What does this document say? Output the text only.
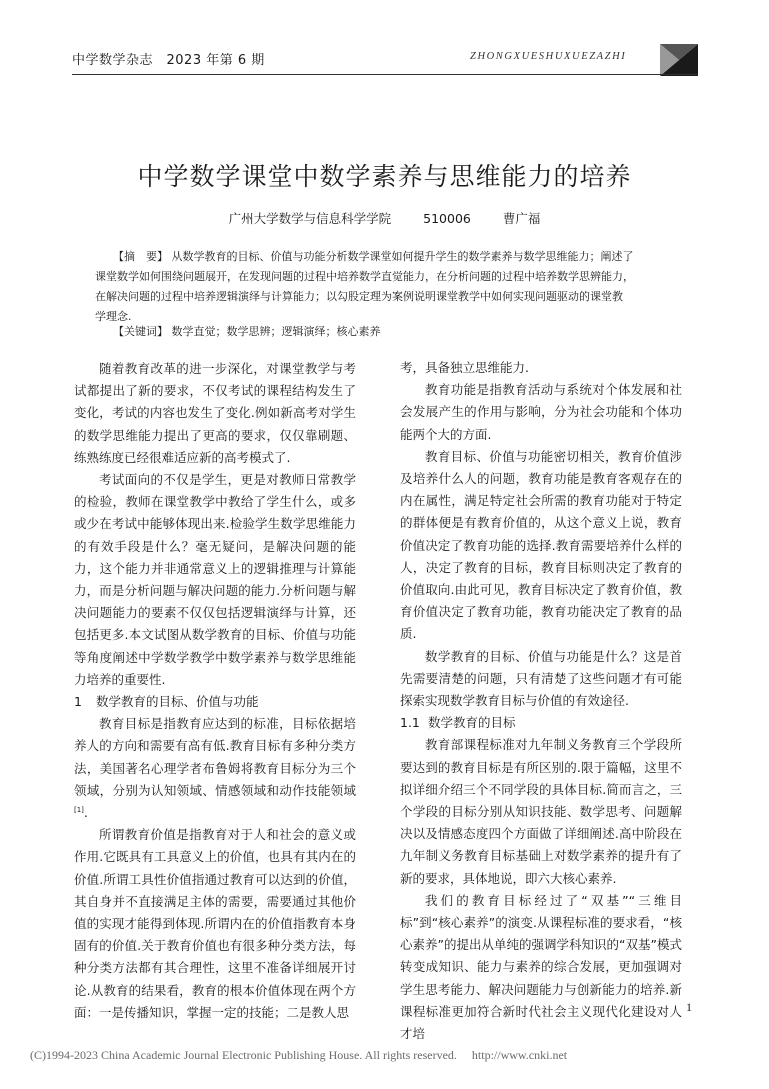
中学数学杂志　2023 年第 6 期	ZHONGXUESHUXUEZAZHI
中学数学课堂中数学素养与思维能力的培养
广州大学数学与信息科学学院	510006	曹广福
【摘　要】 从数学教育的目标、价值与功能分析数学课堂如何提升学生的数学素养与数学思维能力；阐述了
课堂数学如何围绕问题展开，在发现问题的过程中培养数学直觉能力，在分析问题的过程中培养数学思辨能力，
在解决问题的过程中培养逻辑演绎与计算能力；以勾股定理为案例说明课堂教学中如何实现问题驱动的课堂教
学理念.
【关键词】 数学直觉；数学思辨；逻辑演绎；核心素养

随着教育改革的进一步深化，对课堂教学与考试都提出了新的要求，不仅考试的课程结构发生了变化，考试的内容也发生了变化.例如新高考对学生的数学思维能力提出了更高的要求，仅仅靠刷题、练熟练度已经很难适应新的高考模式了.

考试面向的不仅是学生，更是对教师日常教学的检验，教师在课堂教学中教给了学生什么，或多或少在考试中能够体现出来.检验学生数学思维能力的有效手段是什么？毫无疑问，是解决问题的能力，这个能力并非通常意义上的逻辑推理与计算能力，而是分析问题与解决问题的能力.分析问题与解决问题能力的要素不仅仅包括逻辑演绎与计算，还包括更多.本文试图从数学教育的目标、价值与功能等角度阐述中学数学教学中数学素养与数学思维能力培养的重要性.

1 数学教育的目标、价值与功能

教育目标是指教育应达到的标准，目标依据培养人的方向和需要有高有低.教育目标有多种分类方法，美国著名心理学者布鲁姆将教育目标分为三个领域，分别为认知领域、情感领域和动作技能领域[1].

所谓教育价值是指教育对于人和社会的意义或作用.它既具有工具意义上的价值，也具有其内在的价值.所谓工具性价值指通过教育可以达到的价值，其自身并不直接满足主体的需要，需要通过其他价值的实现才能得到体现.所谓内在的价值指教育本身固有的价值.关于教育价值也有很多种分类方法，每种分类方法都有其合理性，这里不准备详细展开讨论.从教育的结果看，教育的根本价值体现在两个方面：一是传播知识，掌握一定的技能；二是教人思

考，具备独立思维能力.

教育功能是指教育活动与系统对个体发展和社会发展产生的作用与影响，分为社会功能和个体功能两个大的方面.

教育目标、价值与功能密切相关，教育价值涉及培养什么人的问题，教育功能是教育客观存在的内在属性，满足特定社会所需的教育功能对于特定的群体便是有教育价值的，从这个意义上说，教育价值决定了教育功能的选择.教育需要培养什么样的人，决定了教育的目标，教育目标则决定了教育的价值取向.由此可见，教育目标决定了教育价值，教育价值决定了教育功能，教育功能决定了教育的品质.

数学教育的目标、价值与功能是什么？这是首先需要清楚的问题，只有清楚了这些问题才有可能探索实现数学教育目标与价值的有效途径.

1.1 数学教育的目标

教育部课程标准对九年制义务教育三个学段所要达到的教育目标是有所区别的.限于篇幅，这里不拟详细介绍三个不同学段的具体目标.简而言之，三个学段的目标分别从知识技能、数学思考、问题解决以及情感态度四个方面做了详细阐述.高中阶段在九年制义务教育目标基础上对数学素养的提升有了新的要求，具体地说，即六大核心素养.

我们的教育目标经过了“双基”“三维目标”到“核心素养”的演变.从课程标准的要求看，“核心素养”的提出从单纯的强调学科知识的“双基”模式转变成知识、能力与素养的综合发展，更加强调对学生思考能力、解决问题能力与创新能力的培养.新课程标准更加符合新时代社会主义现代化建设对人才培

1
(C)1994-2023 China Academic Journal Electronic Publishing House. All rights reserved.　 http://www.cnki.net
